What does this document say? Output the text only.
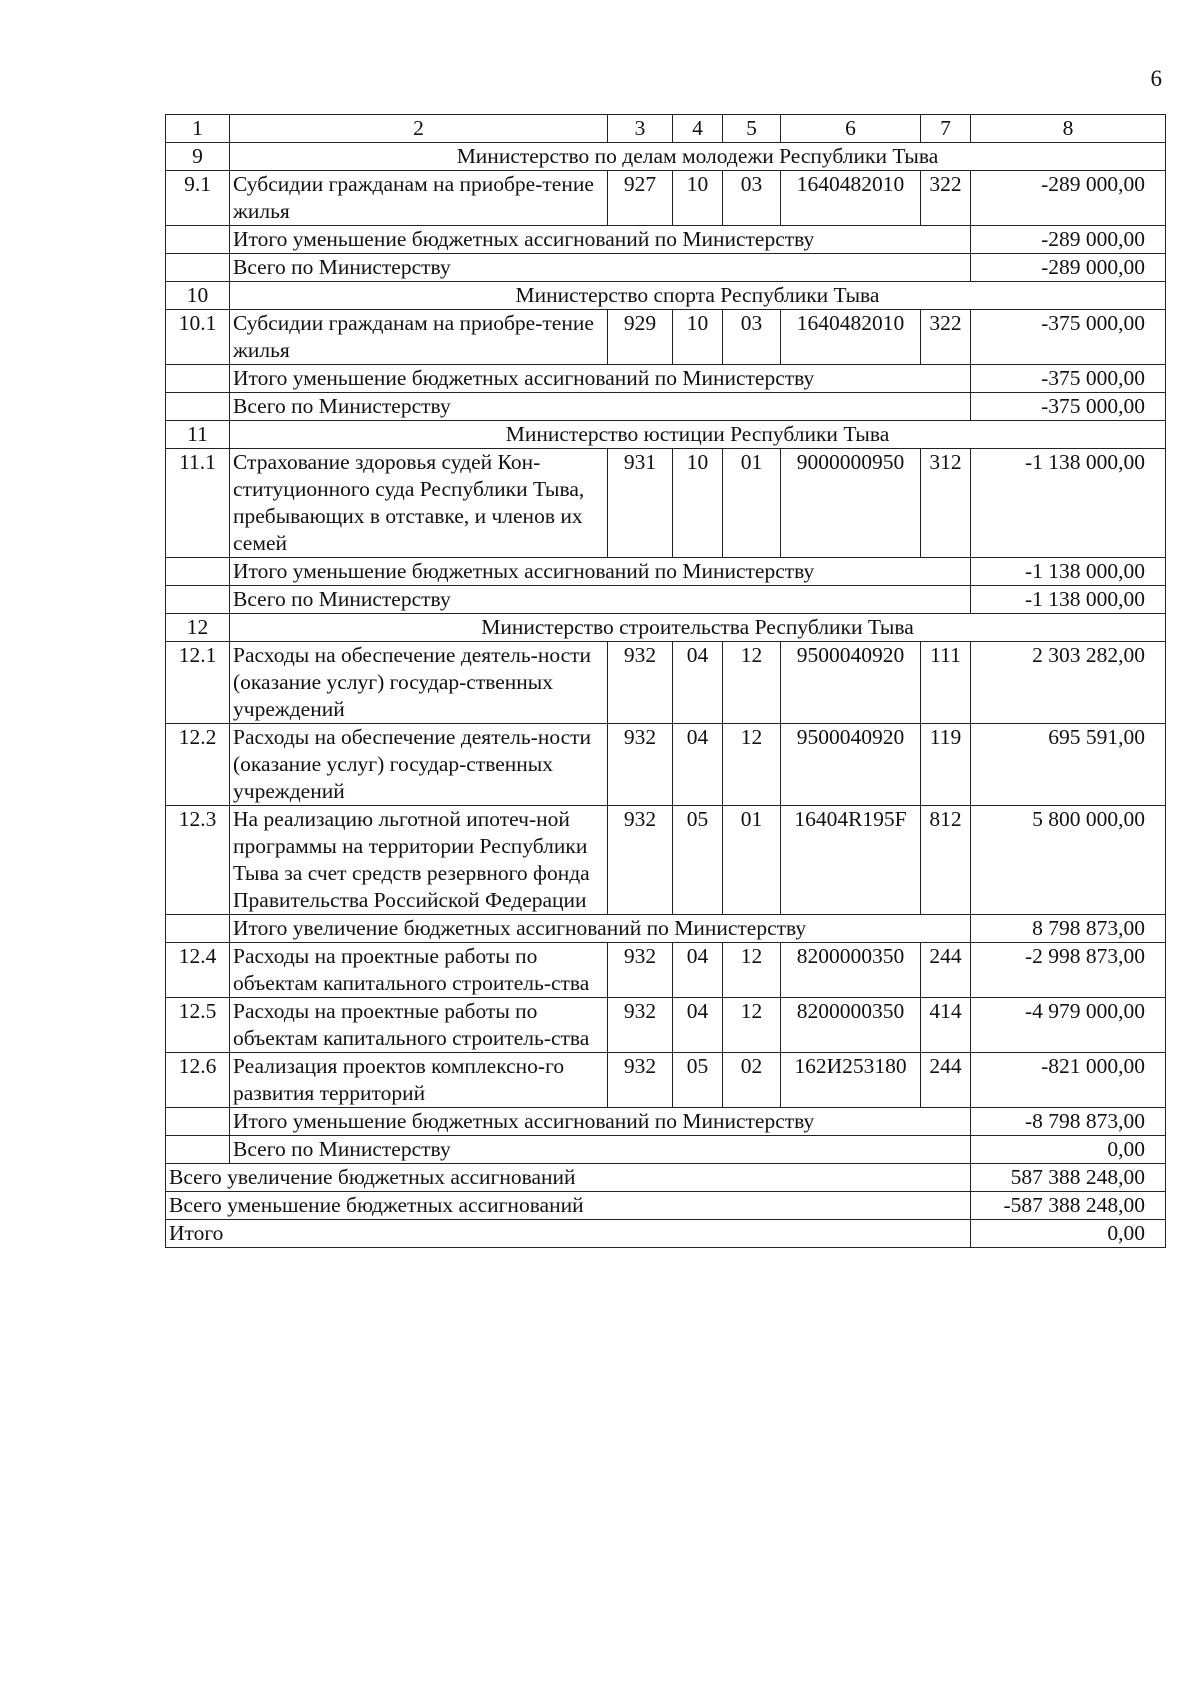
6
1	2	3	4	5	6	7	8
9	Министерство по делам молодежи Республики Тыва						
9.1	Субсидии гражданам на приобре-тение жилья	927	10	03	1640482010	322	-289 000,00
	Итого уменьшение бюджетных ассигнований по Министерству						-289 000,00
	Всего по Министерству						-289 000,00
10	Министерство спорта Республики Тыва						
10.1	Субсидии гражданам на приобре-тение жилья	929	10	03	1640482010	322	-375 000,00
	Итого уменьшение бюджетных ассигнований по Министерству						-375 000,00
	Всего по Министерству						-375 000,00
11	Министерство юстиции Республики Тыва						
11.1	Страхование здоровья судей Кон-ституционного суда Республики Тыва, пребывающих в отставке, и членов их семей	931	10	01	9000000950	312	-1 138 000,00
	Итого уменьшение бюджетных ассигнований по Министерству						-1 138 000,00
	Всего по Министерству						-1 138 000,00
12	Министерство строительства Республики Тыва						
12.1	Расходы на обеспечение деятель-ности (оказание услуг) государ-ственных учреждений	932	04	12	9500040920	111	2 303 282,00
12.2	Расходы на обеспечение деятель-ности (оказание услуг) государ-ственных учреждений	932	04	12	9500040920	119	695 591,00
12.3	На реализацию льготной ипотеч-ной программы на территории Республики Тыва за счет средств резервного фонда Правительства Российской Федерации	932	05	01	16404R195F	812	5 800 000,00
	Итого увеличение бюджетных ассигнований по Министерству						8 798 873,00
12.4	Расходы на проектные работы по объектам капитального строитель-ства	932	04	12	8200000350	244	-2 998 873,00
12.5	Расходы на проектные работы по объектам капитального строитель-ства	932	04	12	8200000350	414	-4 979 000,00
12.6	Реализация проектов комплексно-го развития территорий	932	05	02	162И253180	244	-821 000,00
	Итого уменьшение бюджетных ассигнований по Министерству						-8 798 873,00
	Всего по Министерству						0,00
Всего увеличение бюджетных ассигнований							587 388 248,00
Всего уменьшение бюджетных ассигнований							-587 388 248,00
Итого							0,00
